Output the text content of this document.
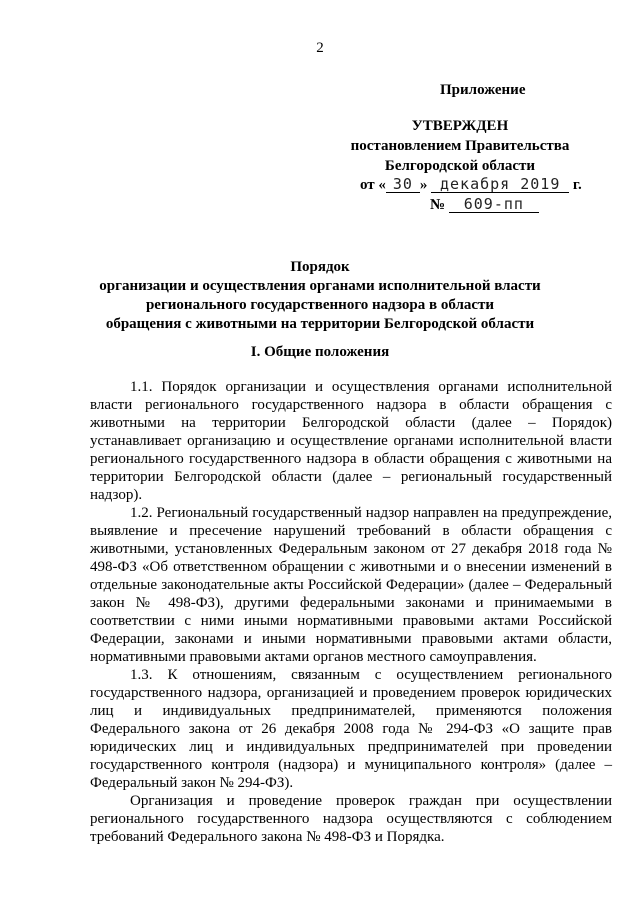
2
Приложение
УТВЕРЖДЕН
постановлением Правительства
Белгородской области
от « 30 » декабря 2019 г.
№ 609-пп
Порядок
организации и осуществления органами исполнительной власти
регионального государственного надзора в области
обращения с животными на территории Белгородской области
I. Общие положения

1.1. Порядок организации и осуществления органами исполнительной власти регионального государственного надзора в области обращения с животными на территории Белгородской области (далее – Порядок) устанавливает организацию и осуществление органами исполнительной власти регионального государственного надзора в области обращения с животными на территории Белгородской области (далее – региональный государственный надзор).

1.2. Региональный государственный надзор направлен на предупреждение, выявление и пресечение нарушений требований в области обращения с животными, установленных Федеральным законом от 27 декабря 2018 года № 498-ФЗ «Об ответственном обращении с животными и о внесении изменений в отдельные законодательные акты Российской Федерации» (далее – Федеральный закон № 498-ФЗ), другими федеральными законами и принимаемыми в соответствии с ними иными нормативными правовыми актами Российской Федерации, законами и иными нормативными правовыми актами области, нормативными правовыми актами органов местного самоуправления.

1.3. К отношениям, связанным с осуществлением регионального государственного надзора, организацией и проведением проверок юридических лиц и индивидуальных предпринимателей, применяются положения Федерального закона от 26 декабря 2008 года № 294-ФЗ «О защите прав юридических лиц и индивидуальных предпринимателей при проведении государственного контроля (надзора) и муниципального контроля» (далее – Федеральный закон № 294-ФЗ).

Организация и проведение проверок граждан при осуществлении регионального государственного надзора осуществляются с соблюдением требований Федерального закона № 498-ФЗ и Порядка.
